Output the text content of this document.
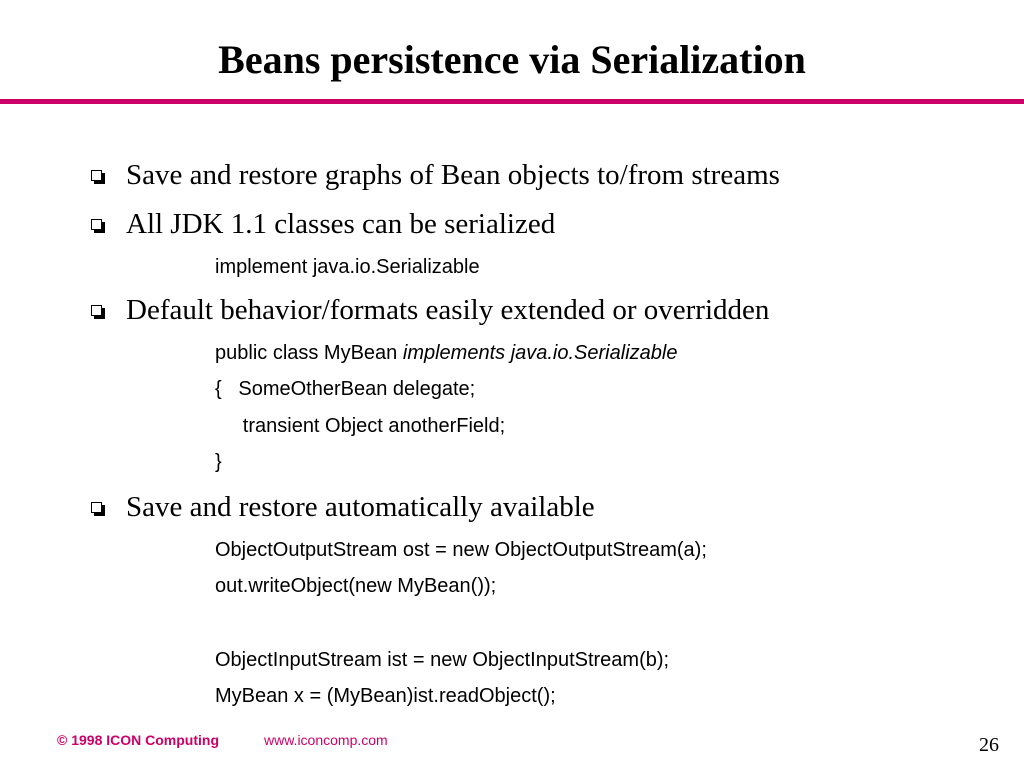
Beans persistence via Serialization
Save and restore graphs of Bean objects to/from streams
All JDK 1.1 classes can be serialized
implement java.io.Serializable
Default behavior/formats easily extended or overridden
public class MyBean implements java.io.Serializable
{   SomeOtherBean delegate;
transient Object anotherField;
}
Save and restore automatically available
ObjectOutputStream ost = new ObjectOutputStream(a);
out.writeObject(new MyBean());
ObjectInputStream ist = new ObjectInputStream(b);
MyBean x = (MyBean)ist.readObject();
© 1998 ICON Computing	www.iconcomp.com	26
